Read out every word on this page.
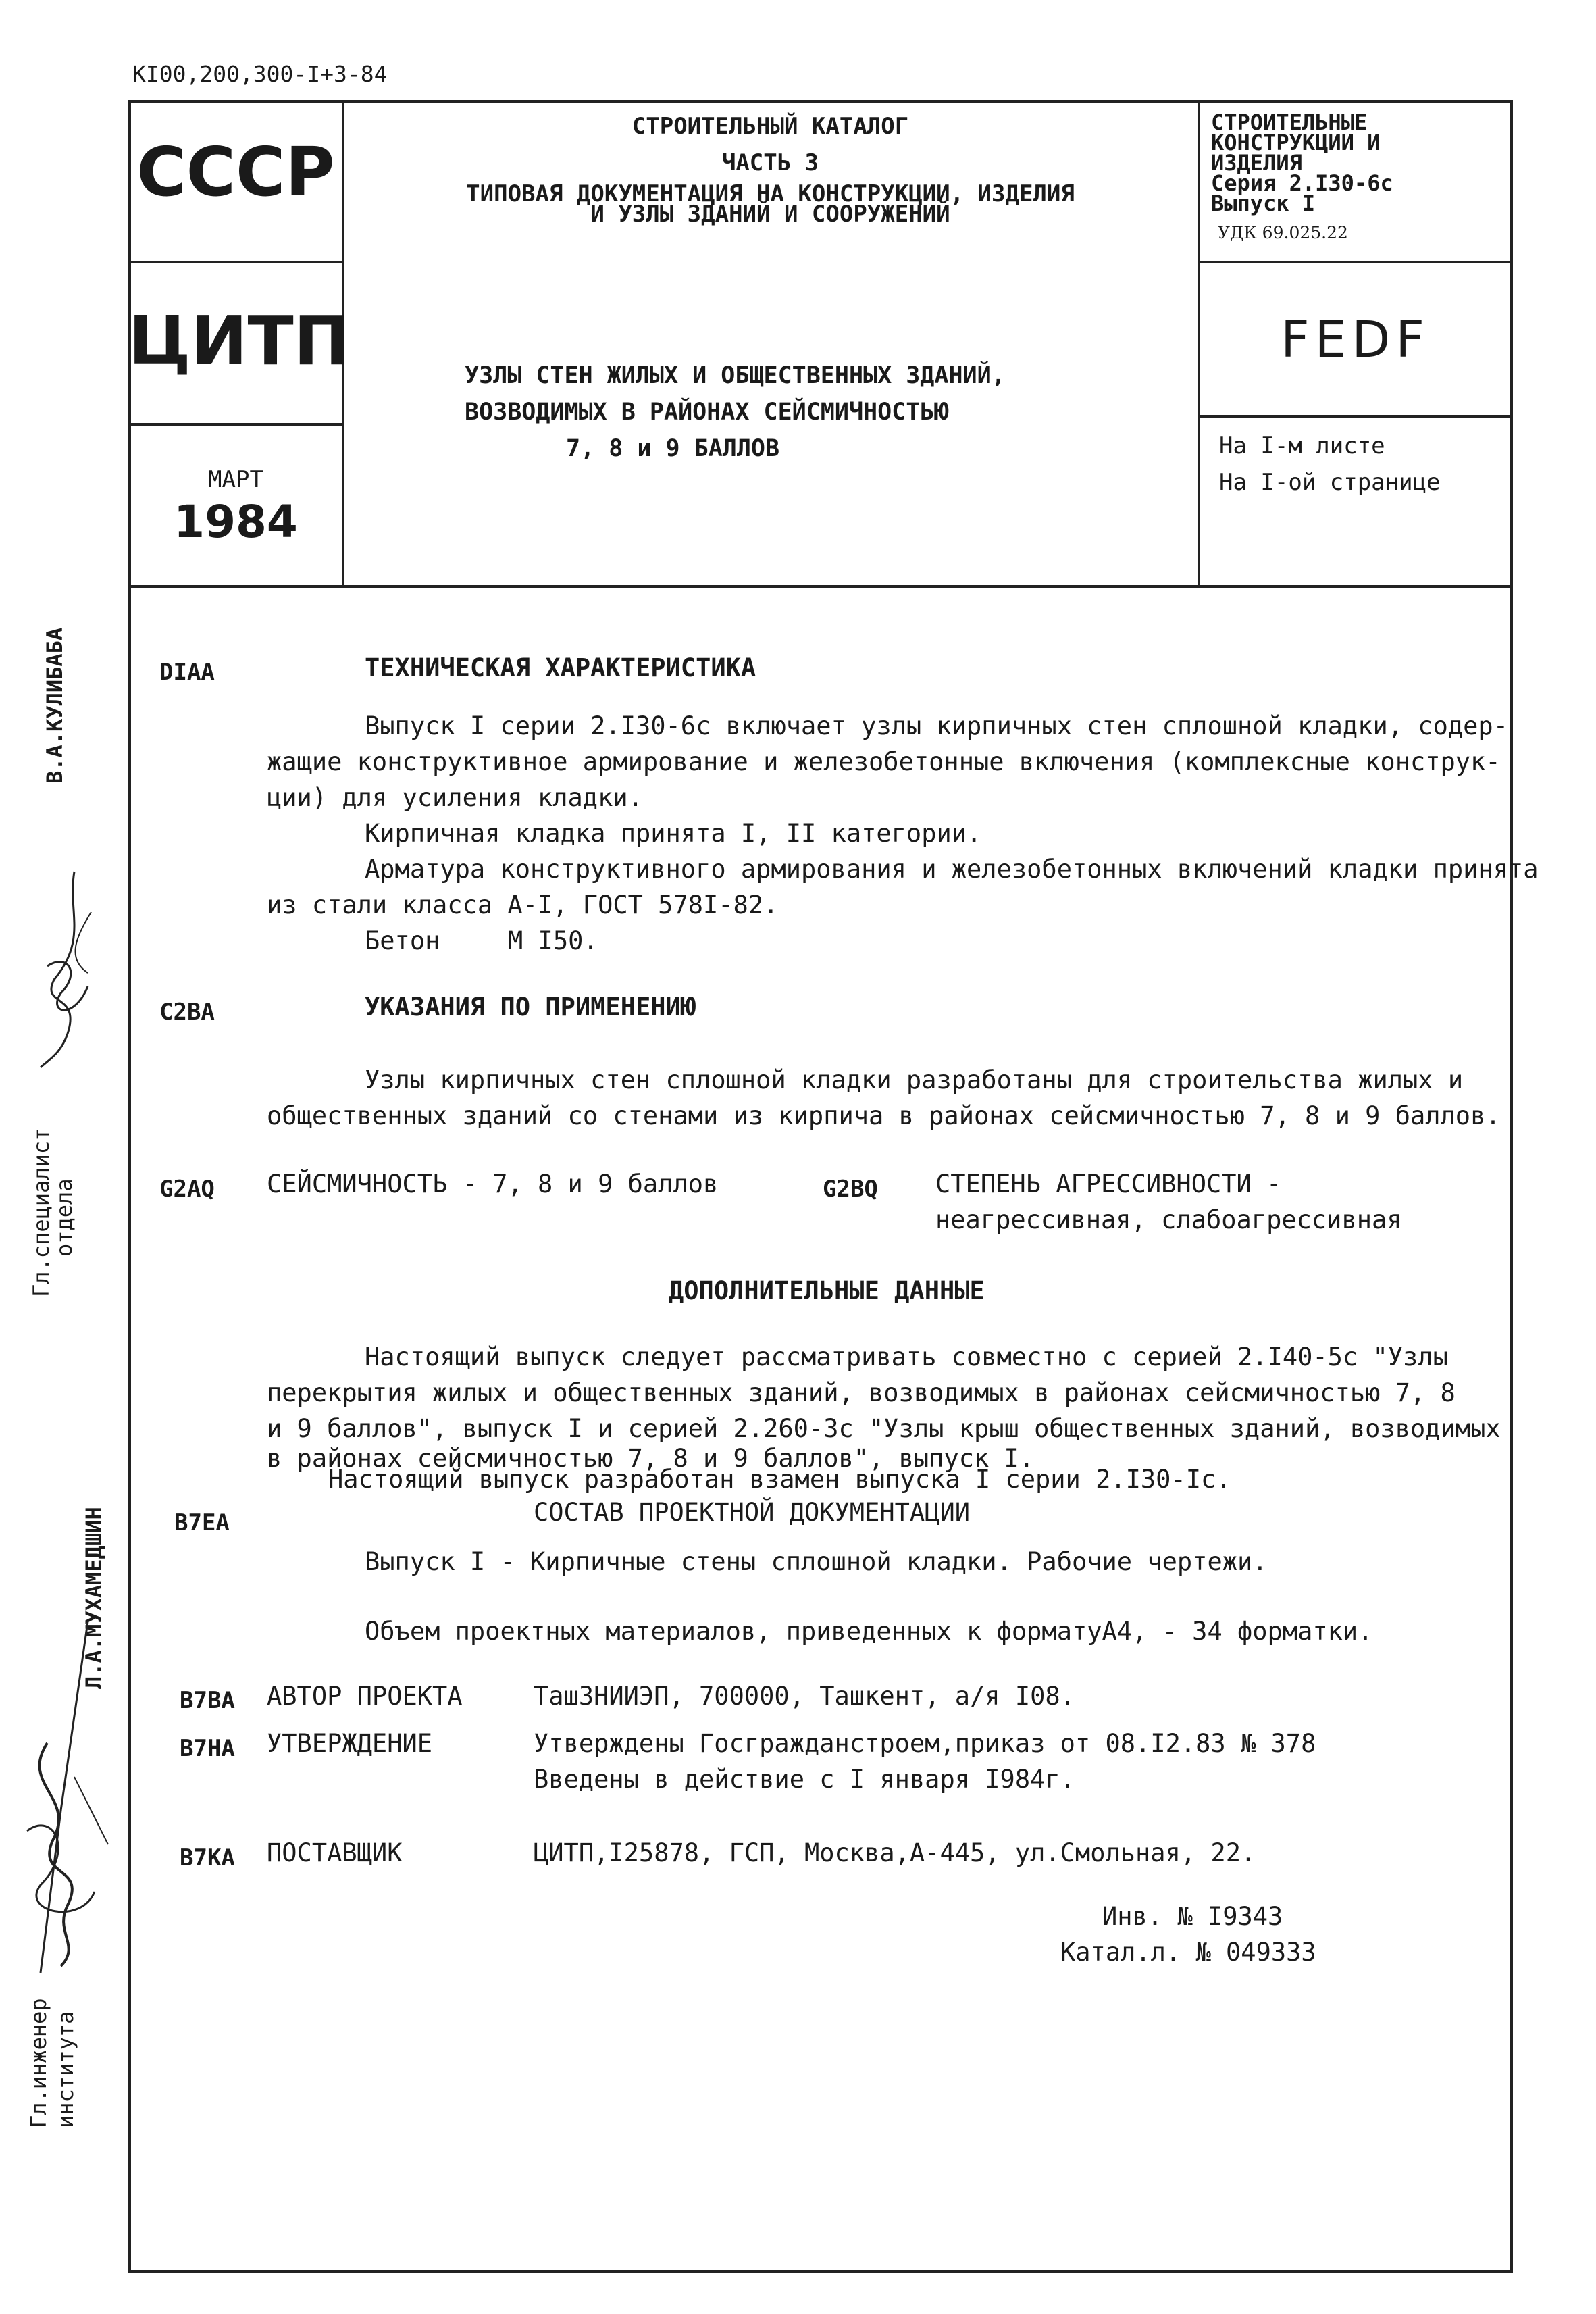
KI00,200,300-I+3-84
СССР
ЦИТП
МАРТ
1984
СТРОИТЕЛЬНЫЙ КАТАЛОГ
ЧАСТЬ 3
ТИПОВАЯ ДОКУМЕНТАЦИЯ НА КОНСТРУКЦИИ, ИЗДЕЛИЯ
И УЗЛЫ ЗДАНИЙ И СООРУЖЕНИЙ
УЗЛЫ СТЕН ЖИЛЫХ И ОБЩЕСТВЕННЫХ ЗДАНИЙ,
ВОЗВОДИМЫХ В РАЙОНАХ СЕЙСМИЧНОСТЬЮ
7, 8 и 9 БАЛЛОВ
СТРОИТЕЛЬНЫЕ
КОНСТРУКЦИИ И
ИЗДЕЛИЯ
Серия 2.I30-6с
Выпуск I
УДК 69.025.22
FEDF
На I-м листе
На I-ой странице
В.А.КУЛИБАБА
Гл.специалист
отдела
Л.А.МУХАМЕДШИН
Гл.инженер института
DIAA	ТЕХНИЧЕСКАЯ ХАРАКТЕРИСТИКА
Выпуск I серии 2.I30-6с включает узлы кирпичных стен сплошной кладки, содер-
жащие конструктивное армирование и железобетонные включения (комплексные конструк-
ции) для усиления кладки.
Кирпичная кладка принята I, II категории.
Арматура конструктивного армирования и железобетонных включений кладки принята
из стали класса А-I, ГОСТ 578I-82.
Бетон	М I50.
C2BA	УКАЗАНИЯ ПО ПРИМЕНЕНИЮ
Узлы кирпичных стен сплошной кладки разработаны для строительства жилых и
общественных зданий со стенами из кирпича в районах сейсмичностью 7, 8 и 9 баллов.
G2AQ СЕЙСМИЧНОСТЬ - 7, 8 и 9 баллов	G2BQ СТЕПЕНЬ АГРЕССИВНОСТИ -
неагрессивная, слабоагрессивная
ДОПОЛНИТЕЛЬНЫЕ ДАННЫЕ
Настоящий выпуск следует рассматривать совместно с серией 2.I40-5с "Узлы
перекрытия жилых и общественных зданий, возводимых в районах сейсмичностью 7, 8
и 9 баллов", выпуск I и серией 2.260-3с "Узлы крыш общественных зданий, возводимых
в районах сейсмичностью 7, 8 и 9 баллов", выпуск I.
Настоящий выпуск разработан взамен выпуска I серии 2.I30-Iс.
B7EA	СОСТАВ ПРОЕКТНОЙ ДОКУМЕНТАЦИИ
Выпуск I - Кирпичные стены сплошной кладки. Рабочие чертежи.
Объем проектных материалов, приведенных к форматуА4, - 34 форматки.
B7BA АВТОР ПРОЕКТА	ТашЗНИИЭП, 700000, Ташкент, а/я I08.
B7HA УТВЕРЖДЕНИЕ	Утверждены Госгражданстроем,приказ от 08.I2.83 № 378
Введены в действие с I января I984г.
B7KA ПОСТАВЩИК	ЦИТП,I25878, ГСП, Москва,А-445, ул.Смольная, 22.
Инв. № I9343
Катал.л. № 049333
